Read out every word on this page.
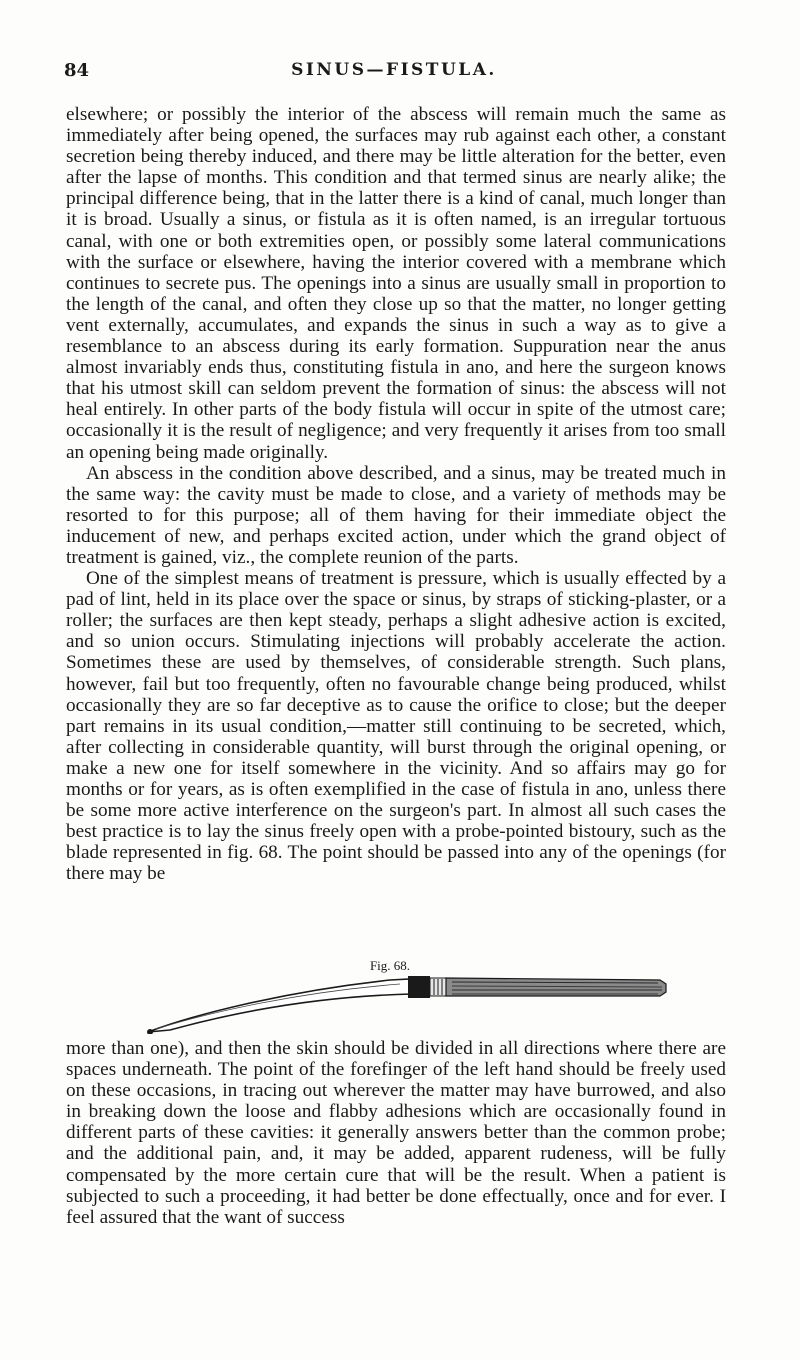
84	SINUS—FISTULA.

elsewhere; or possibly the interior of the abscess will remain much the same as immediately after being opened, the surfaces may rub against each other, a constant secretion being thereby induced, and there may be little alteration for the better, even after the lapse of months. This condition and that termed sinus are nearly alike; the principal difference being, that in the latter there is a kind of canal, much longer than it is broad. Usually a sinus, or fistula as it is often named, is an irregular tortuous canal, with one or both extremities open, or possibly some lateral communications with the surface or elsewhere, having the interior covered with a membrane which continues to secrete pus. The openings into a sinus are usually small in proportion to the length of the canal, and often they close up so that the matter, no longer getting vent externally, accumulates, and expands the sinus in such a way as to give a resemblance to an abscess during its early formation. Suppuration near the anus almost invariably ends thus, constituting fistula in ano, and here the surgeon knows that his utmost skill can seldom prevent the formation of sinus: the abscess will not heal entirely. In other parts of the body fistula will occur in spite of the utmost care; occasionally it is the result of negligence; and very frequently it arises from too small an opening being made originally.

An abscess in the condition above described, and a sinus, may be treated much in the same way: the cavity must be made to close, and a variety of methods may be resorted to for this purpose; all of them having for their immediate object the inducement of new, and perhaps excited action, under which the grand object of treatment is gained, viz., the complete reunion of the parts.

One of the simplest means of treatment is pressure, which is usually effected by a pad of lint, held in its place over the space or sinus, by straps of sticking-plaster, or a roller; the surfaces are then kept steady, perhaps a slight adhesive action is excited, and so union occurs. Stimulating injections will probably accelerate the action. Sometimes these are used by themselves, of considerable strength. Such plans, however, fail but too frequently, often no favourable change being produced, whilst occasionally they are so far deceptive as to cause the orifice to close; but the deeper part remains in its usual condition,—matter still continuing to be secreted, which, after collecting in considerable quantity, will burst through the original opening, or make a new one for itself somewhere in the vicinity. And so affairs may go for months or for years, as is often exemplified in the case of fistula in ano, unless there be some more active interference on the surgeon's part. In almost all such cases the best practice is to lay the sinus freely open with a probe-pointed bistoury, such as the blade represented in fig. 68. The point should be passed into any of the openings (for there may be

Fig. 68.

more than one), and then the skin should be divided in all directions where there are spaces underneath. The point of the forefinger of the left hand should be freely used on these occasions, in tracing out wherever the matter may have burrowed, and also in breaking down the loose and flabby adhesions which are occasionally found in different parts of these cavities: it generally answers better than the common probe; and the additional pain, and, it may be added, apparent rudeness, will be fully compensated by the more certain cure that will be the result. When a patient is subjected to such a proceeding, it had better be done effectually, once and for ever. I feel assured that the want of success
